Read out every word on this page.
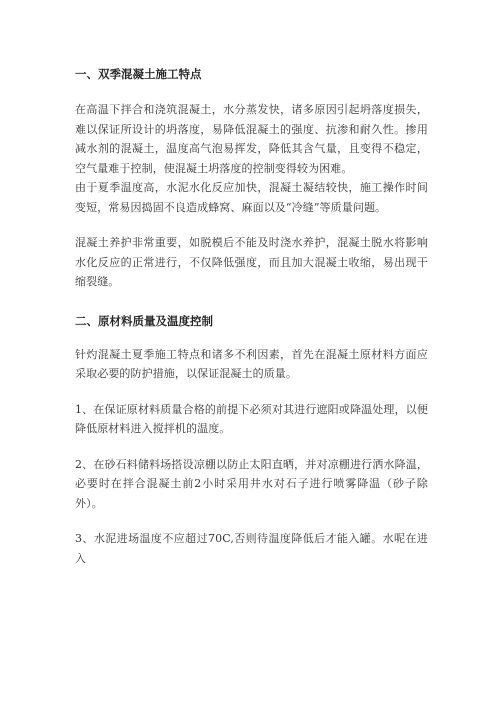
一、双季混凝土施工特点

在高温下拌合和浇筑混凝土，水分蒸发快，诸多原因引起坍落度损失，难以保证所设计的坍落度，易降低混凝土的强度、抗渗和耐久性。掺用减水剂的混凝土，温度高气泡易挥发，降低其含气量，且变得不稳定，空气量难于控制，使混凝土坍落度的控制变得较为困难。

由于夏季温度高，水泥水化反应加快，混凝土凝结较快，施工操作时间变短，常易因捣固不良造成蜂窝、麻面以及“冷缝”等质量问题。

混凝土养护非常重要，如脱模后不能及时浇水养护，混凝土脱水将影响水化反应的正常进行，不仅降低强度，而且加大混凝土收缩，易出现干缩裂缝。

二、原材料质量及温度控制

针灼混凝土夏季施工特点和诸多不利因素，首先在混凝土原材料方面应采取必要的防护措施，以保证混凝土的质量。

1、在保证原材料质量合格的前提下必须对其进行遮阳或降温处理，以便降低原材料进入搅拌机的温度。

2、在砂石料储料场搭设凉棚以防止太阳直晒，并对凉棚进行洒水降温，必要时在拌合混凝土前2小时采用井水对石子进行喷雾降温（砂子除外）。

3、水泥进场温度不应超过70C,否则待温度降低后才能入罐。水呢在进入
